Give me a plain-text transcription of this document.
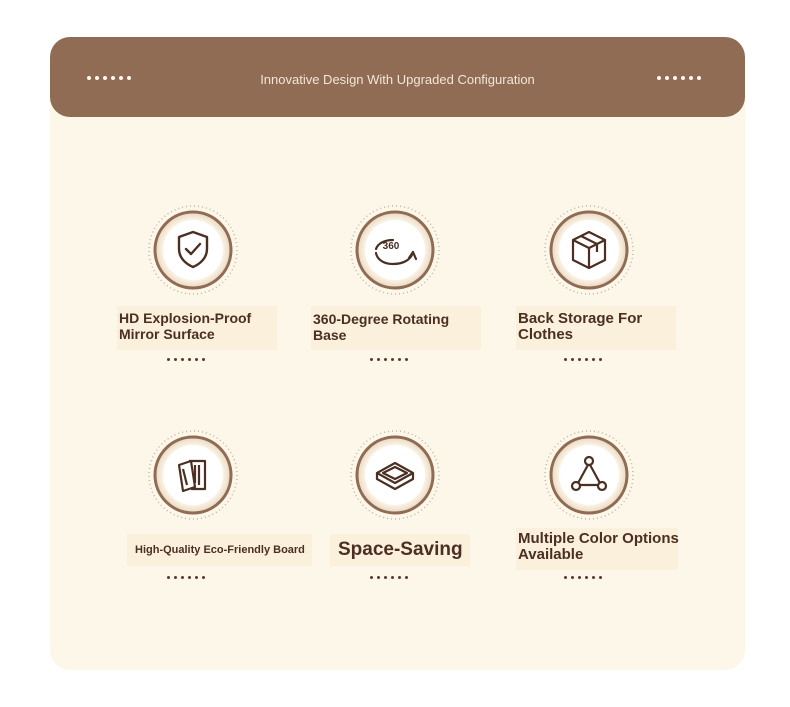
Innovative Design With Upgraded Configuration
HD Explosion-Proof Mirror Surface
360
360-Degree Rotating Base
Back Storage For Clothes
High-Quality Eco-Friendly Board	Space-Saving
Multiple Color Options Available
